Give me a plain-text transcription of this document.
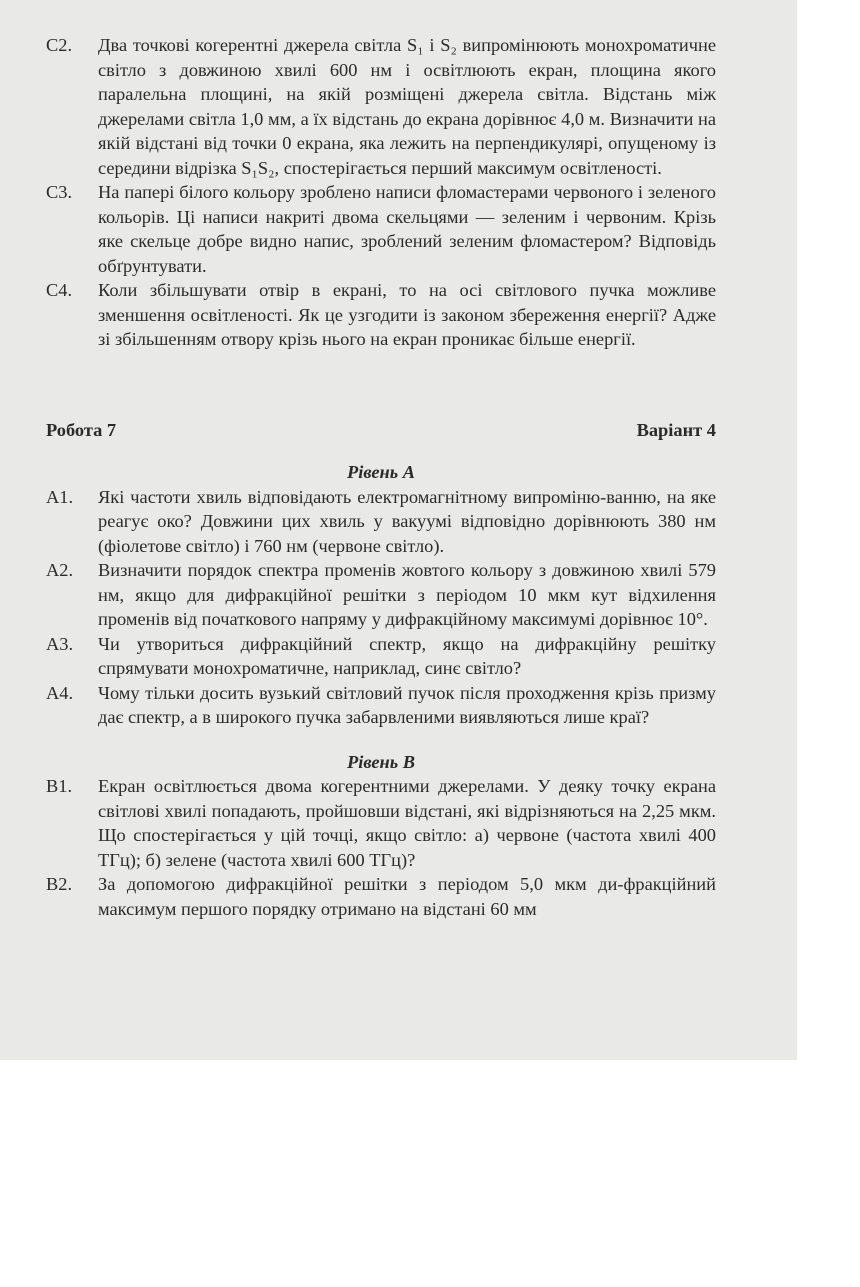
C2.	Два точкові когерентні джерела світла S₁ і S₂ випромінюють монохроматичне світло з довжиною хвилі 600 нм і освітлюють екран, площина якого паралельна площині, на якій розміщені джерела світла. Відстань між джерелами світла 1,0 мм, а їх відстань до екрана дорівнює 4,0 м. Визначити на якій відстані від точки 0 екрана, яка лежить на перпендикулярі, опущеному із середини відрізка S₁S₂, спостерігається перший максимум освітленості.
C3.	На папері білого кольору зроблено написи фломастерами червоного і зеленого кольорів. Ці написи накриті двома скельцями — зеленим і червоним. Крізь яке скельце добре видно напис, зроблений зеленим фломастером? Відповідь обґрунтувати.
C4.	Коли збільшувати отвір в екрані, то на осі світлового пучка можливе зменшення освітленості. Як це узгодити із законом збереження енергії? Адже зі збільшенням отвору крізь нього на екран проникає більше енергії.
Робота 7	Варіант 4
Рівень А
A1.	Які частоти хвиль відповідають електромагнітному випроміню-ванню, на яке реагує око? Довжини цих хвиль у вакуумі відповідно дорівнюють 380 нм (фіолетове світло) і 760 нм (червоне світло).
A2.	Визначити порядок спектра променів жовтого кольору з довжиною хвилі 579 нм, якщо для дифракційної решітки з періодом 10 мкм кут відхилення променів від початкового напряму у дифракційному максимумі дорівнює 10°.
A3.	Чи утвориться дифракційний спектр, якщо на дифракційну решітку спрямувати монохроматичне, наприклад, синє світло?
A4.	Чому тільки досить вузький світловий пучок після проходження крізь призму дає спектр, а в широкого пучка забарвленими виявляються лише краї?
Рівень В
B1.	Екран освітлюється двома когерентними джерелами. У деяку точку екрана світлові хвилі попадають, пройшовши відстані, які відрізняються на 2,25 мкм. Що спостерігається у цій точці, якщо світло: а) червоне (частота хвилі 400 ТГц); б) зелене (частота хвилі 600 ТГц)?
B2.	За допомогою дифракційної решітки з періодом 5,0 мкм ди-фракційний максимум першого порядку отримано на відстані 60 мм
